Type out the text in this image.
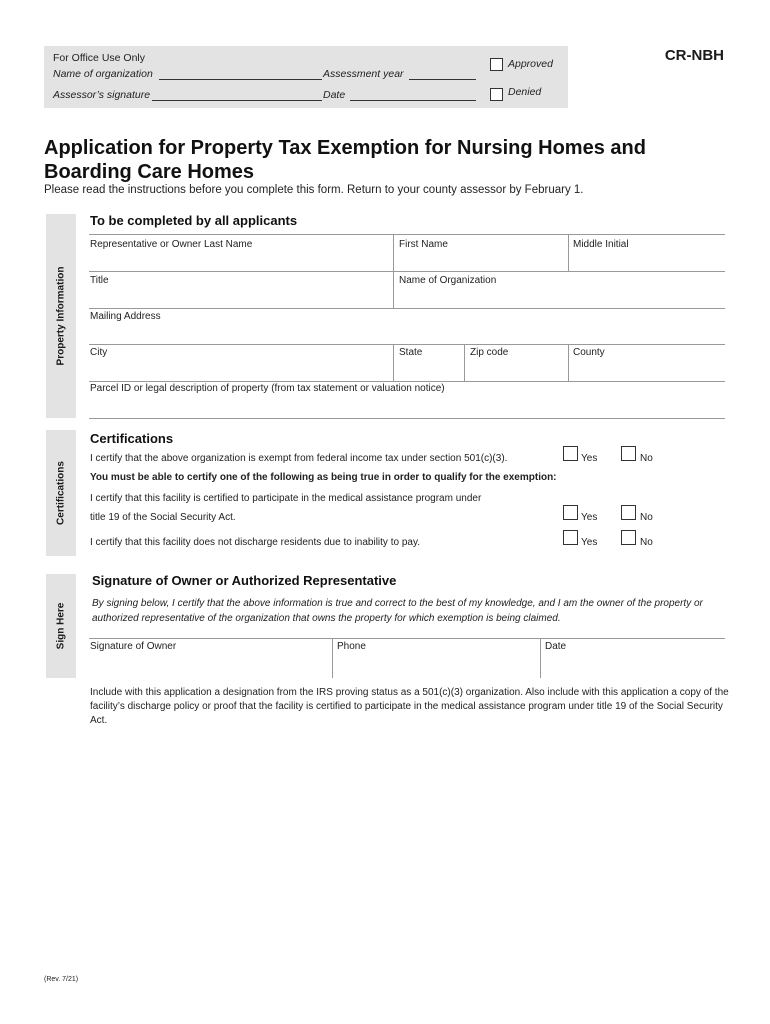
For Office Use Only
Name of organization	Assessment year
Assessor’s signature	Date
Approved
Denied
CR-NBH
Application for Property Tax Exemption for Nursing Homes and Boarding Care Homes
Please read the instructions before you complete this form. Return to your county assessor by February 1.
Property Information
To be completed by all applicants
Representative or Owner Last Name	First Name	Middle Initial
Title	Name of Organization
Mailing Address
City	State	Zip code	County
Parcel ID or legal description of property (from tax statement or valuation notice)
Certifications
Certifications
I certify that the above organization is exempt from federal income tax under section 501(c)(3).	Yes	No
You must be able to certify one of the following as being true in order to qualify for the exemption:
I certify that this facility is certified to participate in the medical assistance program under
title 19 of the Social Security Act.	Yes	No
I certify that this facility does not discharge residents due to inability to pay.	Yes	No
Sign Here
Signature of Owner or Authorized Representative
By signing below, I certify that the above information is true and correct to the best of my knowledge, and I am the owner of the property or authorized representative of the organization that owns the property for which exemption is being claimed.
Signature of Owner	Phone	Date
Include with this application a designation from the IRS proving status as a 501(c)(3) organization. Also include with this application a copy of the facility’s discharge policy or proof that the facility is certified to participate in the medical assistance program under title 19 of the Social Security Act.
(Rev. 7/21)
